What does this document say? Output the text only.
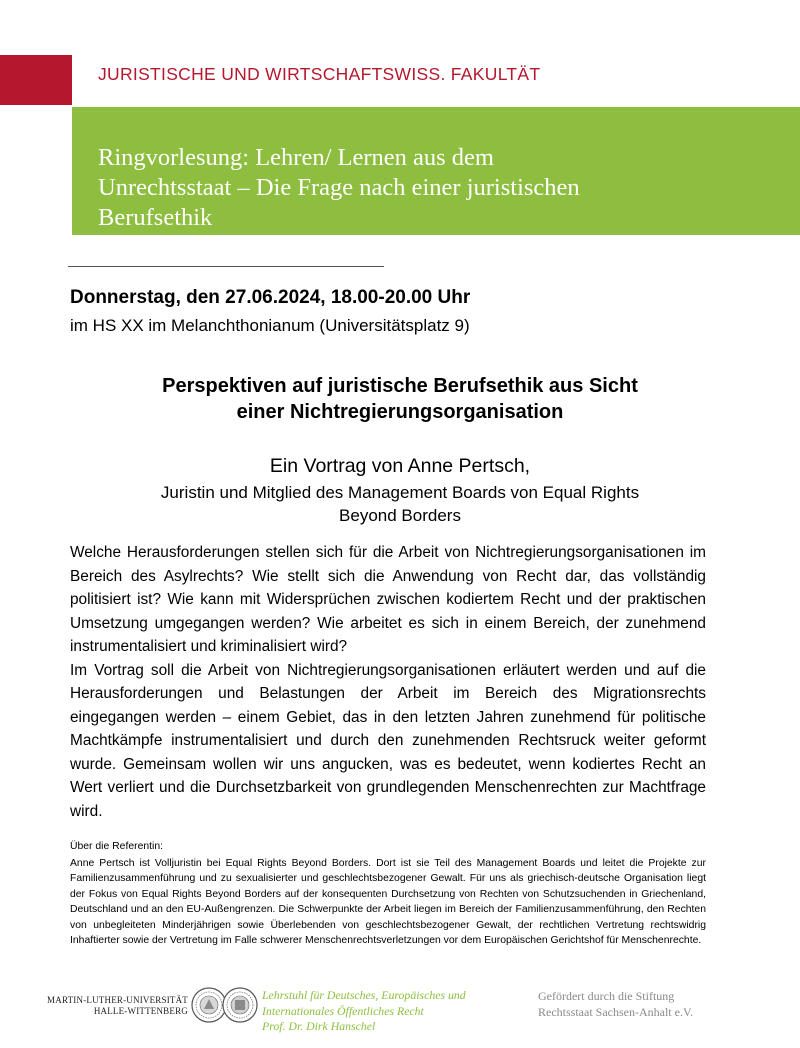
JURISTISCHE UND WIRTSCHAFTSWISS. FAKULTÄT
Ringvorlesung: Lehren/ Lernen aus dem
Unrechtsstaat – Die Frage nach einer juristischen
Berufsethik
Donnerstag, den 27.06.2024, 18.00-20.00 Uhr
im HS XX im Melanchthonianum (Universitätsplatz 9)
Perspektiven auf juristische Berufsethik aus Sicht
einer Nichtregierungsorganisation
Ein Vortrag von Anne Pertsch,
Juristin und Mitglied des Management Boards von Equal Rights
Beyond Borders

Welche Herausforderungen stellen sich für die Arbeit von Nichtregierungsorganisationen im Bereich des Asylrechts? Wie stellt sich die Anwendung von Recht dar, das vollständig politisiert ist? Wie kann mit Widersprüchen zwischen kodiertem Recht und der praktischen Umsetzung umgegangen werden? Wie arbeitet es sich in einem Bereich, der zunehmend instrumentalisiert und kriminalisiert wird?

Im Vortrag soll die Arbeit von Nichtregierungsorganisationen erläutert werden und auf die Herausforderungen und Belastungen der Arbeit im Bereich des Migrationsrechts eingegangen werden – einem Gebiet, das in den letzten Jahren zunehmend für politische Machtkämpfe instrumentalisiert und durch den zunehmenden Rechtsruck weiter geformt wurde. Gemeinsam wollen wir uns angucken, was es bedeutet, wenn kodiertes Recht an Wert verliert und die Durchsetzbarkeit von grundlegenden Menschenrechten zur Machtfrage wird.

Über die Referentin:
Anne Pertsch ist Volljuristin bei Equal Rights Beyond Borders. Dort ist sie Teil des Management Boards und leitet die Projekte zur Familienzusammenführung und zu sexualisierter und geschlechtsbezogener Gewalt. Für uns als griechisch-deutsche Organisation liegt der Fokus von Equal Rights Beyond Borders auf der konsequenten Durchsetzung von Rechten von Schutzsuchenden in Griechenland, Deutschland und an den EU-Außengrenzen. Die Schwerpunkte der Arbeit liegen im Bereich der Familienzusammenführung, den Rechten von unbegleiteten Minderjährigen sowie Überlebenden von geschlechtsbezogener Gewalt, der rechtlichen Vertretung rechtswidrig Inhaftierter sowie der Vertretung im Falle schwerer Menschenrechtsverletzungen vor dem Europäischen Gerichtshof für Menschenrechte.
MARTIN-LUTHER-UNIVERSITÄT
HALLE-WITTENBERG
Lehrstuhl für Deutsches, Europäisches und
Internationales Öffentliches Recht
Prof. Dr. Dirk Hanschel
Gefördert durch die Stiftung
Rechtsstaat Sachsen-Anhalt e.V.
